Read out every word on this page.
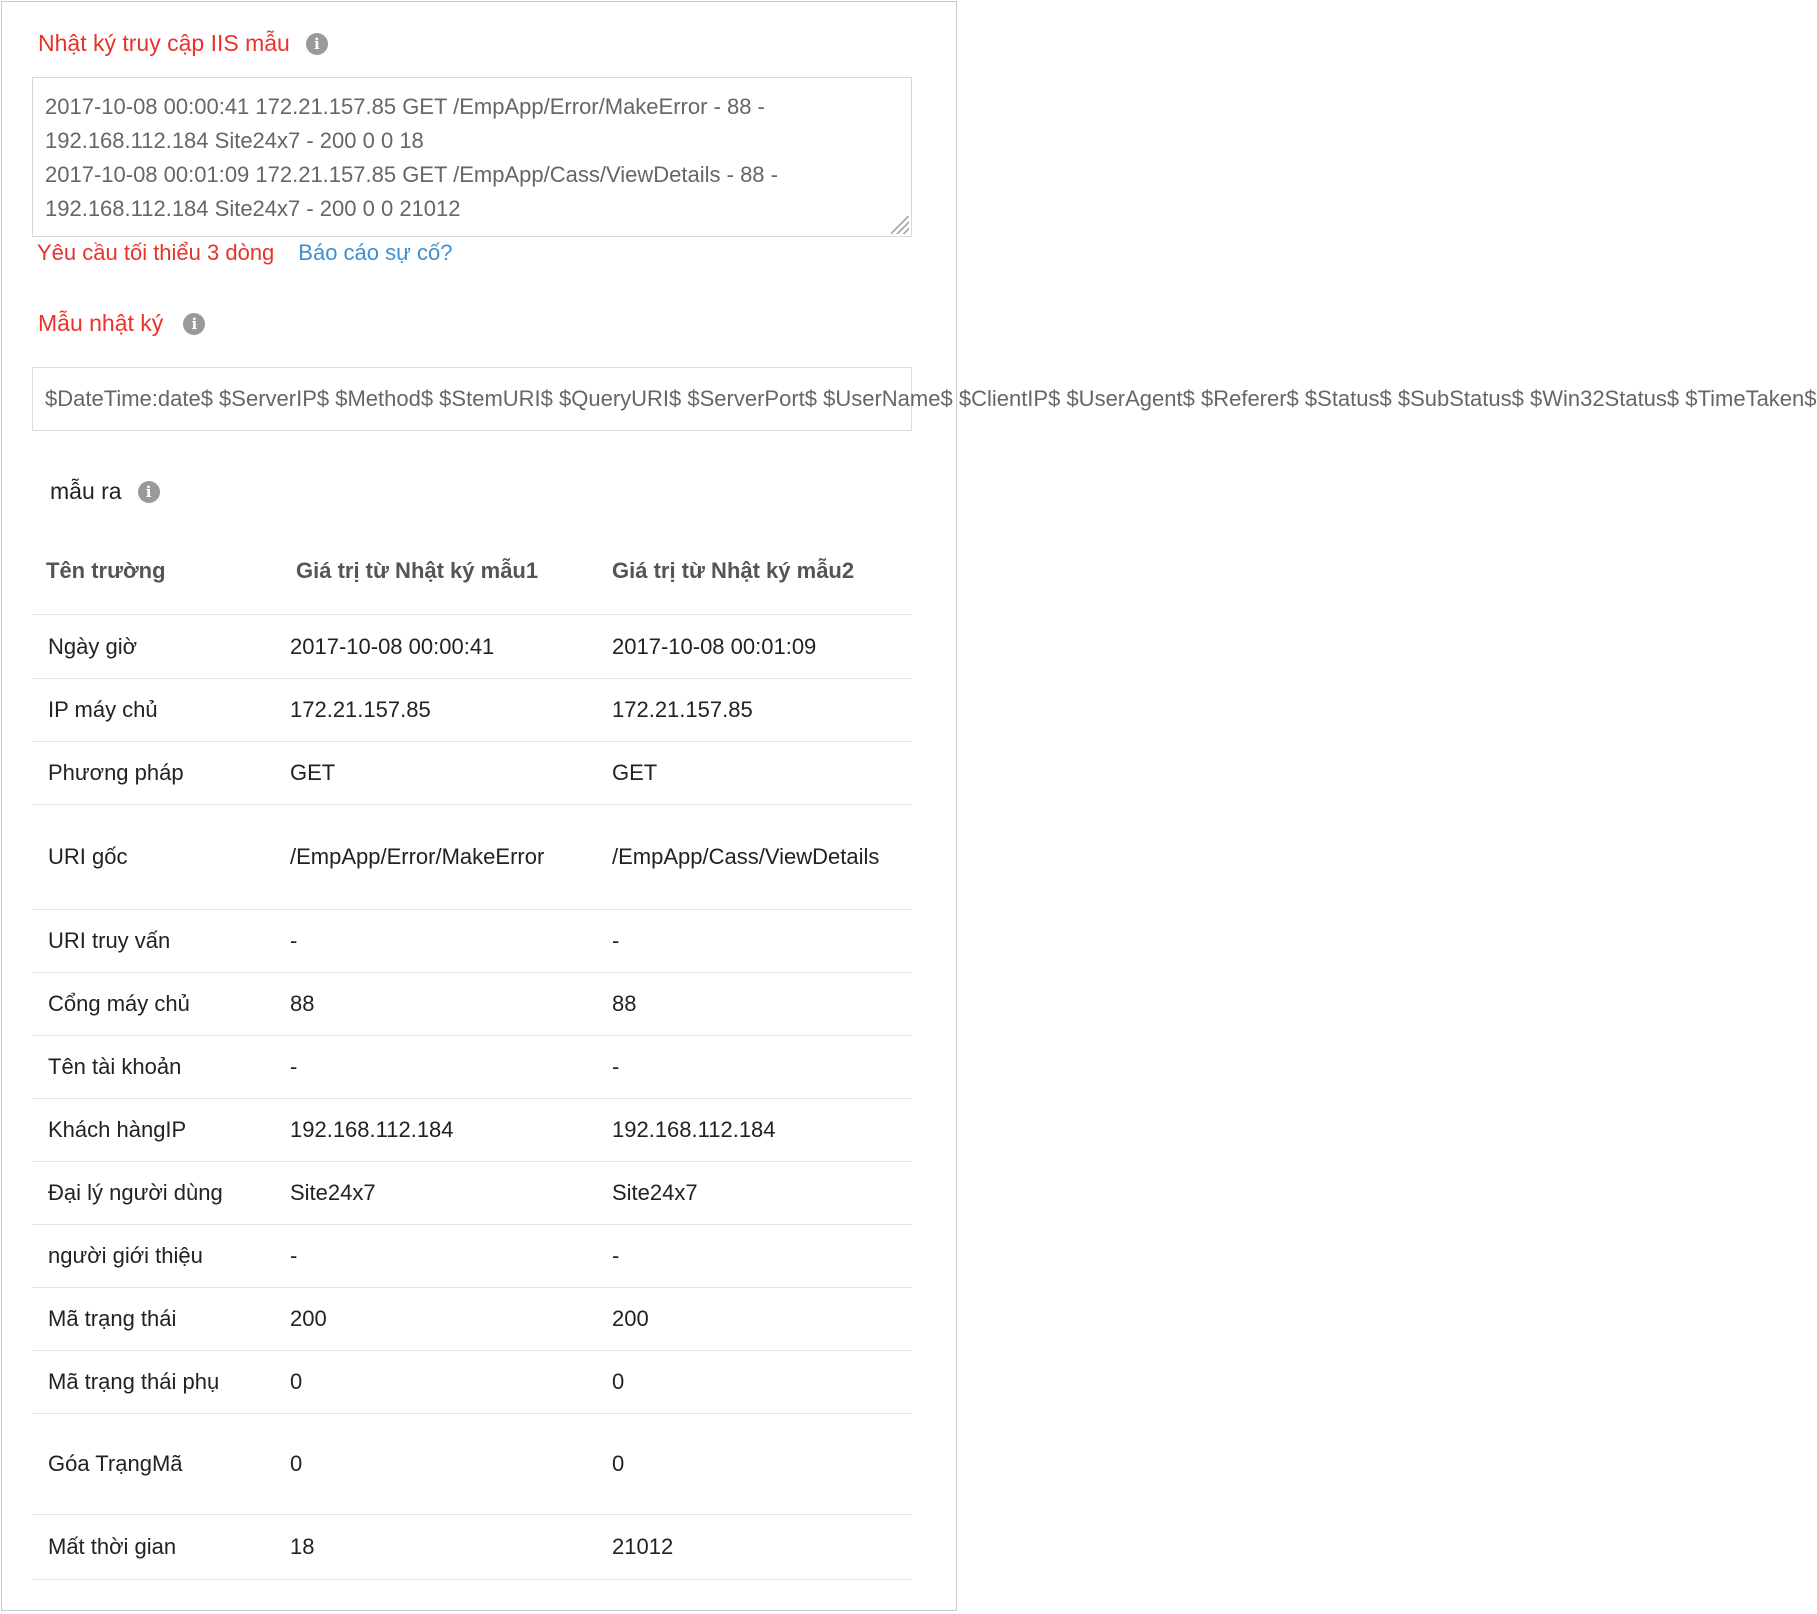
Nhật ký truy cập IIS mẫu	i
2017-10-08 00:00:41 172.21.157.85 GET /EmpApp/Error/MakeError - 88 -
192.168.112.184 Site24x7 - 200 0 0 18
2017-10-08 00:01:09 172.21.157.85 GET /EmpApp/Cass/ViewDetails - 88 -
192.168.112.184 Site24x7 - 200 0 0 21012
Yêu cầu tối thiểu 3 dòng Báo cáo sự cố?
Mẫu nhật ký	i
$DateTime:date$ $ServerIP$ $Method$ $StemURI$ $QueryURI$ $ServerPort$ $UserName$ $ClientIP$ $UserAgent$ $Referer$ $Status$ $SubStatus$ $Win32Status$ $TimeTaken$
mẫu ra	i
Tên trường	Giá trị từ Nhật ký mẫu1	Giá trị từ Nhật ký mẫu2
Ngày giờ	2017-10-08 00:00:41	2017-10-08 00:01:09
IP máy chủ	172.21.157.85	172.21.157.85
Phương pháp	GET	GET
URI gốc	/EmpApp/Error/MakeError	/EmpApp/Cass/ViewDetails
URI truy vấn	-	-
Cổng máy chủ	88	88
Tên tài khoản	-	-
Khách hàngIP	192.168.112.184	192.168.112.184
Đại lý người dùng	Site24x7	Site24x7
người giới thiệu	-	-
Mã trạng thái	200	200
Mã trạng thái phụ	0	0
Góa TrạngMã	0	0
Mất thời gian	18	21012
